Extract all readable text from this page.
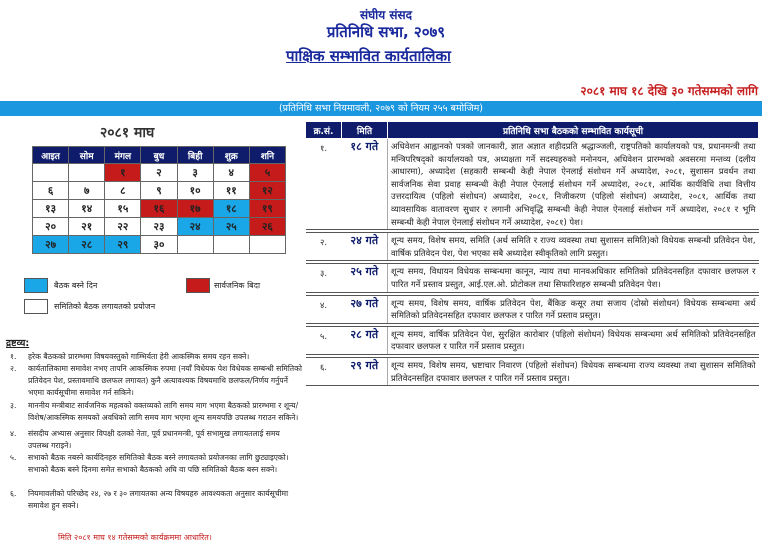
संघीय संसद
प्रतिनिधि सभा, २०७९
पाक्षिक सम्भावित कार्यतालिका
२०८१ माघ १८ देखि ३० गतेसम्मको लागि
(प्रतिनिधि सभा नियमावली, २०७९ को नियम २५५ बमोजिम)
२०८१ माघ
आइत	सोम	मंगल	बुध	बिही	शुक्र	शनि
		१	२	३	४	५
६	७	८	९	१०	११	१२
१३	१४	१५	१६	१७	१८	१९
२०	२१	२२	२३	२४	२५	२६
२७	२८	२९	३०			
बैठक बस्ने दिन	सार्वजनिक बिदा
समितिको बैठक लगायतको प्रयोजन
द्रष्टव्य:
१.	हरेक बैठकको प्रारम्भमा विषयवस्तुको गाम्भिर्यता हेरी आकस्मिक समय रहन सक्ने।
२.	कार्यतालिकामा समावेश नभए तापनि आकस्मिक रुपमा (नयाँ विधेयक पेश विधेयक सम्बन्धी समितिको प्रतिवेदन पेश, प्रस्तावमाथि छलफल लगायत) कुनै अत्यावश्यक विषयमाथि छलफल/निर्णय गर्नुपर्ने भएमा कार्यसूचीमा समावेश गर्न सकिने।
३.	माननीय मन्त्रीबाट सार्वजनिक महत्वको वक्तव्यको लागि समय माग भएमा बैठकको प्रारम्भमा र शून्य/विशेष/आकस्मिक समयको अवधिको लागि समय माग भएमा शून्य समयपछि उपलब्ध गराउन सकिने।
४.	संसदीय अभ्यास अनुसार विपक्षी दलको नेता, पूर्व प्रधानमन्त्री, पूर्व सभामुख लगायतलाई समय उपलब्ध गराइने।
५.	सभाको बैठक नबस्ने कार्यदिनहरु समितिको बैठक बस्ने लगायतको प्रयोजनका लागि छुट्याइएको। सभाको बैठक बस्ने दिनमा समेत सभाको बैठकको अघि वा पछि समितिको बैठक बस्न सक्ने।
६.	नियमावलीको परिच्छेद २४, २७ र ३० लगायतका अन्य विषयहरु आवश्यकता अनुसार कार्यसूचीमा समावेश हुन सक्ने।
मिति २०८१ माघ १४ गतेसम्मको कार्यक्रममा आधारित।
क्र.सं.	मिति	प्रतिनिधि सभा बैठकको सम्भावित कार्यसूची
१.	१८ गते	अधिवेशन आह्वानको पत्रको जानकारी, ज्ञात अज्ञात शहीदप्रति श्रद्धाञ्जली, राष्ट्रपतिको कार्यालयको पत्र, प्रधानमन्त्री तथा मन्त्रिपरिषद्को कार्यालयको पत्र, अध्यक्षता गर्ने सदस्यहरुको मनोनयन, अधिवेशन प्रारम्भको अवसरमा मन्तव्य (दलीय आधारमा), अध्यादेश (सहकारी सम्बन्धी केही नेपाल ऐनलाई संशोधन गर्ने अध्यादेश, २०८१, सुशासन प्रवर्धन तथा सार्वजनिक सेवा प्रवाह सम्बन्धी केही नेपाल ऐनलाई संशोधन गर्ने अध्यादेश, २०८१, आर्थिक कार्यविधि तथा वित्तीय उत्तरदायित्व (पहिलो संशोधन) अध्यादेश, २०८१, निजीकरण (पहिलो संशोधन) अध्यादेश, २०८१, आर्थिक तथा व्यावसायिक वातावरण सुधार र लगानी अभिवृद्धि सम्बन्धी केही नेपाल ऐनलाई संशोधन गर्ने अध्यादेश, २०८१ र भूमि सम्बन्धी केही नेपाल ऐनलाई संशोधन गर्ने अध्यादेश, २०८१) पेश।

२.	२४ गते	शून्य समय, विशेष समय, समिति (अर्थ समिति र राज्य व्यवस्था तथा सुशासन समिति)को विधेयक सम्बन्धी प्रतिवेदन पेश, वार्षिक प्रतिवेदन पेश, पेश भएका सबै अध्यादेश स्वीकृतिको लागि प्रस्तुत।

३.	२५ गते	शून्य समय, विधायन विधेयक सम्बन्धमा कानून, न्याय तथा मानवअधिकार समितिको प्रतिवेदनसहित दफावार छलफल र पारित गर्ने प्रस्ताव प्रस्तुत, आई.एल.ओ. प्रोटोकल तथा सिफारिशहरु सम्बन्धी प्रतिवेदन पेश।

४.	२७ गते	शून्य समय, विशेष समय, वार्षिक प्रतिवेदन पेश, बैंकिङ कसूर तथा सजाय (दोस्रो संशोधन) विधेयक सम्बन्धमा अर्थ समितिको प्रतिवेदनसहित दफावार छलफल र पारित गर्ने प्रस्ताव प्रस्तुत।

५.	२८ गते	शून्य समय, वार्षिक प्रतिवेदन पेश, सुरक्षित कारोबार (पहिलो संशोधन) विधेयक सम्बन्धमा अर्थ समितिको प्रतिवेदनसहित दफावार छलफल र पारित गर्ने प्रस्ताव प्रस्तुत।

६.	२९ गते	शून्य समय, विशेष समय, भ्रष्टाचार निवारण (पहिलो संशोधन) विधेयक सम्बन्धमा राज्य व्यवस्था तथा सुशासन समितिको प्रतिवेदनसहित दफावार छलफल र पारित गर्ने प्रस्ताव प्रस्तुत।
